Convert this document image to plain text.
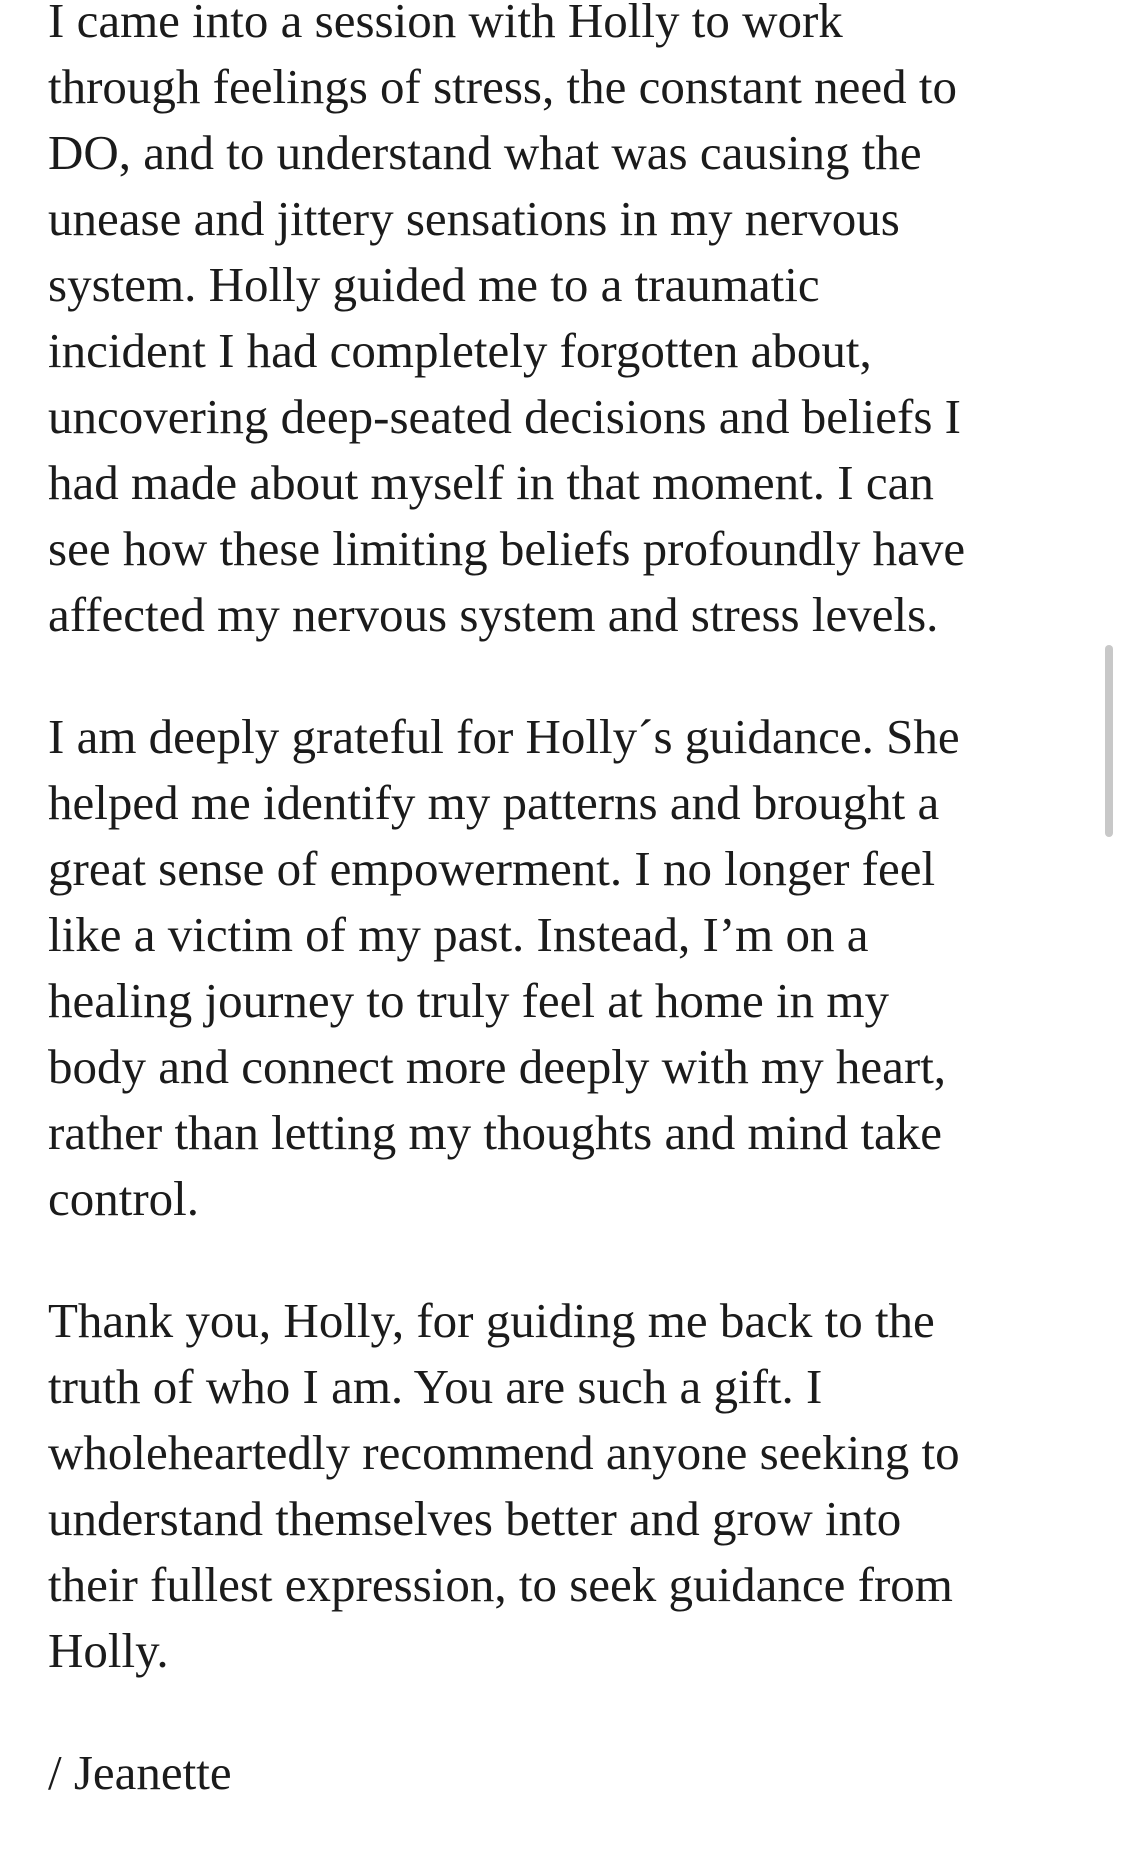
I came into a session with Holly to work
through feelings of stress, the constant need to
DO, and to understand what was causing the
unease and jittery sensations in my nervous
system. Holly guided me to a traumatic
incident I had completely forgotten about,
uncovering deep-seated decisions and beliefs I
had made about myself in that moment. I can
see how these limiting beliefs profoundly have
affected my nervous system and stress levels.

I am deeply grateful for Holly´s guidance. She
helped me identify my patterns and brought a
great sense of empowerment. I no longer feel
like a victim of my past. Instead, I’m on a
healing journey to truly feel at home in my
body and connect more deeply with my heart,
rather than letting my thoughts and mind take
control.

Thank you, Holly, for guiding me back to the
truth of who I am. You are such a gift. I
wholeheartedly recommend anyone seeking to
understand themselves better and grow into
their fullest expression, to seek guidance from
Holly.

/ Jeanette
